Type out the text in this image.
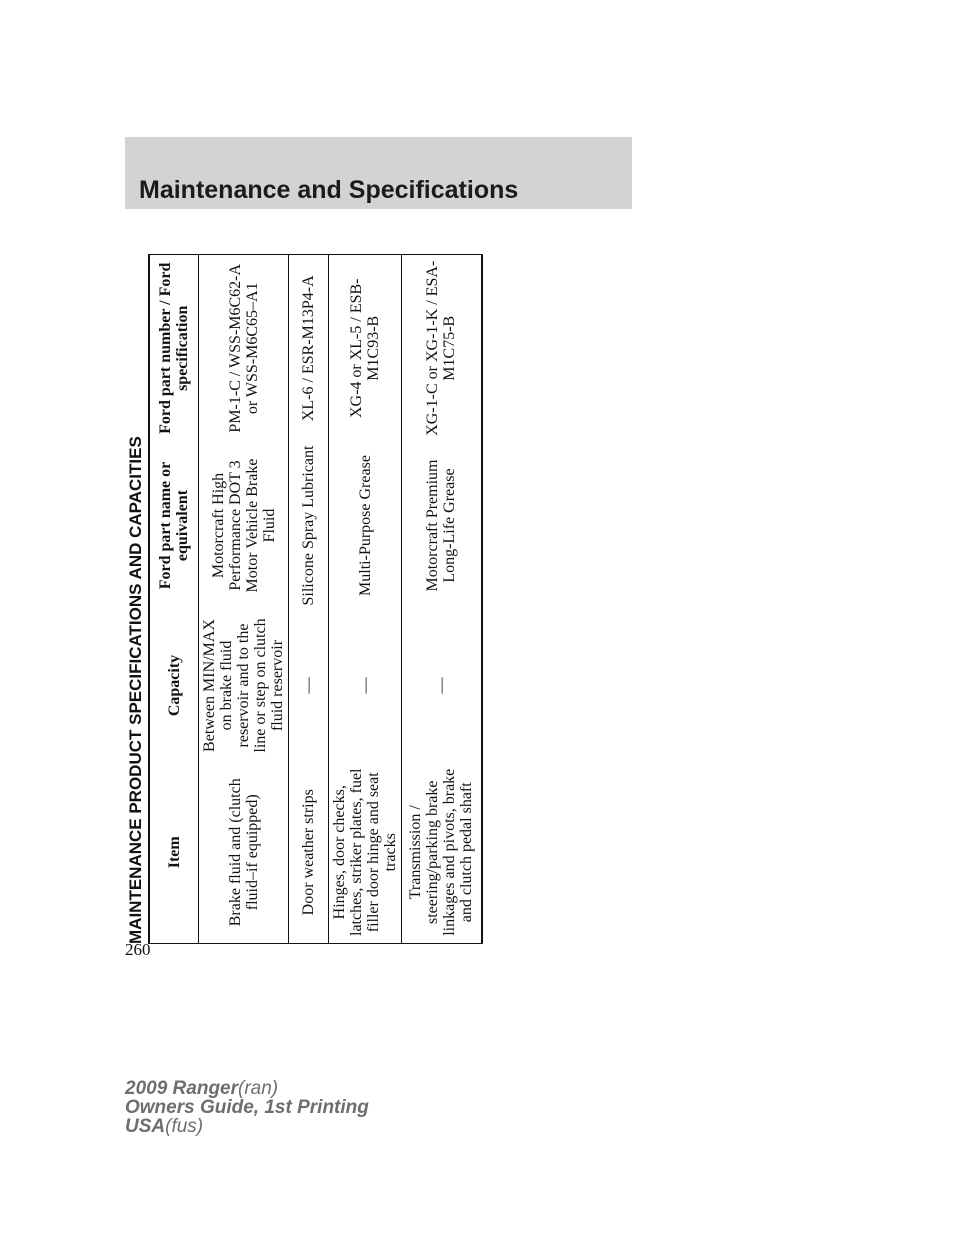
Maintenance and Specifications
MAINTENANCE PRODUCT SPECIFICATIONS AND CAPACITIES Item	Capacity	Ford part name or equivalent	Ford part number / Ford specification
Brake fluid and (clutch fluid–if equipped)	Between MIN/MAX on brake fluid reservoir and to the line or step on clutch fluid reservoir	Motorcraft High Performance DOT 3 Motor Vehicle Brake Fluid	PM-1-C / WSS-M6C62-A or WSS-M6C65–A1
Door weather strips	—	Silicone Spray Lubricant	XL-6 / ESR-M13P4-A
Hinges, door checks, latches, striker plates, fuel filler door hinge and seat tracks	—	Multi-Purpose Grease	XG-4 or XL-5 / ESB-M1C93-B
Transmission / steering/parking brake linkages and pivots, brake and clutch pedal shaft	—	Motorcraft Premium Long-Life Grease	XG-1-C or XG-1-K / ESA-M1C75-B
260
2009 Ranger(ran)
Owners Guide, 1st Printing
USA(fus)
